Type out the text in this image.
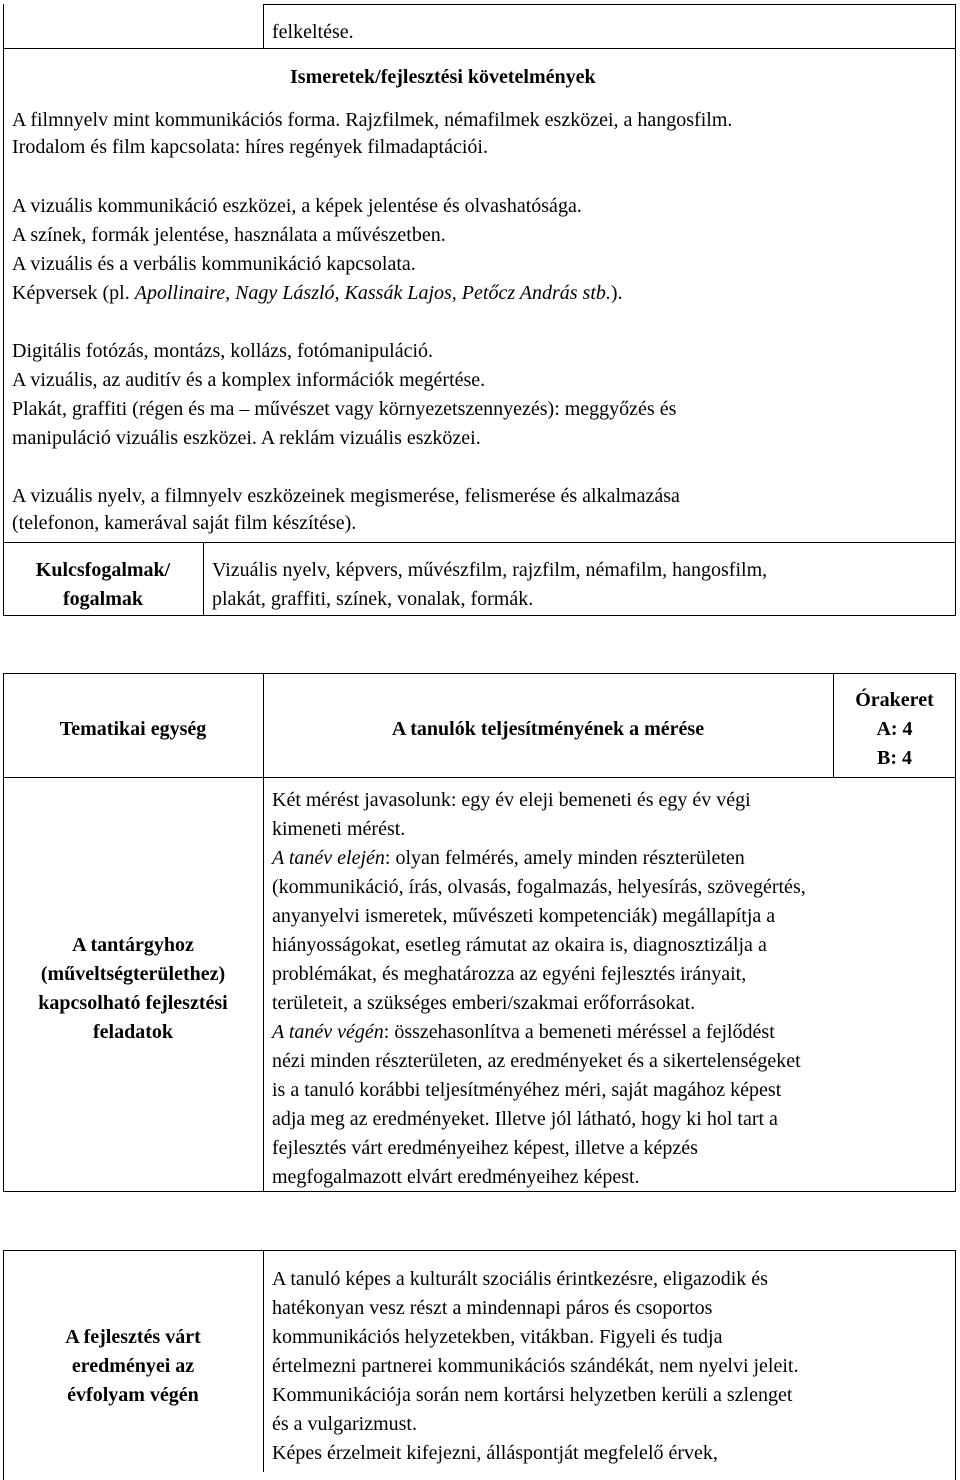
felkeltése.
Ismeretek/fejlesztési követelmények
A filmnyelv mint kommunikációs forma. Rajzfilmek, némafilmek eszközei, a hangosfilm.
Irodalom és film kapcsolata: híres regények filmadaptációi.
A vizuális kommunikáció eszközei, a képek jelentése és olvashatósága.
A színek, formák jelentése, használata a művészetben.
A vizuális és a verbális kommunikáció kapcsolata.
Képversek (pl. Apollinaire, Nagy László, Kassák Lajos, Petőcz András stb.).
Digitális fotózás, montázs, kollázs, fotómanipuláció.
A vizuális, az auditív és a komplex információk megértése.
Plakát, graffiti (régen és ma – művészet vagy környezetszennyezés): meggyőzés és
manipuláció vizuális eszközei. A reklám vizuális eszközei.
A vizuális nyelv, a filmnyelv eszközeinek megismerése, felismerése és alkalmazása
(telefonon, kamerával saját film készítése).
Kulcsfogalmak/
fogalmak
Vizuális nyelv, képvers, művészfilm, rajzfilm, némafilm, hangosfilm,
plakát, graffiti, színek, vonalak, formák.
Tematikai egység	A tanulók teljesítményének a mérése
Órakeret
A: 4
B: 4
A tantárgyhoz
(műveltségterülethez)
kapcsolható fejlesztési
feladatok
Két mérést javasolunk: egy év eleji bemeneti és egy év végi
kimeneti mérést.
A tanév elején: olyan felmérés, amely minden részterületen
(kommunikáció, írás, olvasás, fogalmazás, helyesírás, szövegértés,
anyanyelvi ismeretek, művészeti kompetenciák) megállapítja a
hiányosságokat, esetleg rámutat az okaira is, diagnosztizálja a
problémákat, és meghatározza az egyéni fejlesztés irányait,
területeit, a szükséges emberi/szakmai erőforrásokat.
A tanév végén: összehasonlítva a bemeneti méréssel a fejlődést
nézi minden részterületen, az eredményeket és a sikertelenségeket
is a tanuló korábbi teljesítményéhez méri, saját magához képest
adja meg az eredményeket. Illetve jól látható, hogy ki hol tart a
fejlesztés várt eredményeihez képest, illetve a képzés
megfogalmazott elvárt eredményeihez képest.
A fejlesztés várt
eredményei az
évfolyam végén
A tanuló képes a kulturált szociális érintkezésre, eligazodik és
hatékonyan vesz részt a mindennapi páros és csoportos
kommunikációs helyzetekben, vitákban. Figyeli és tudja
értelmezni partnerei kommunikációs szándékát, nem nyelvi jeleit.
Kommunikációja során nem kortársi helyzetben kerüli a szlenget
és a vulgarizmust.
Képes érzelmeit kifejezni, álláspontját megfelelő érvek,
